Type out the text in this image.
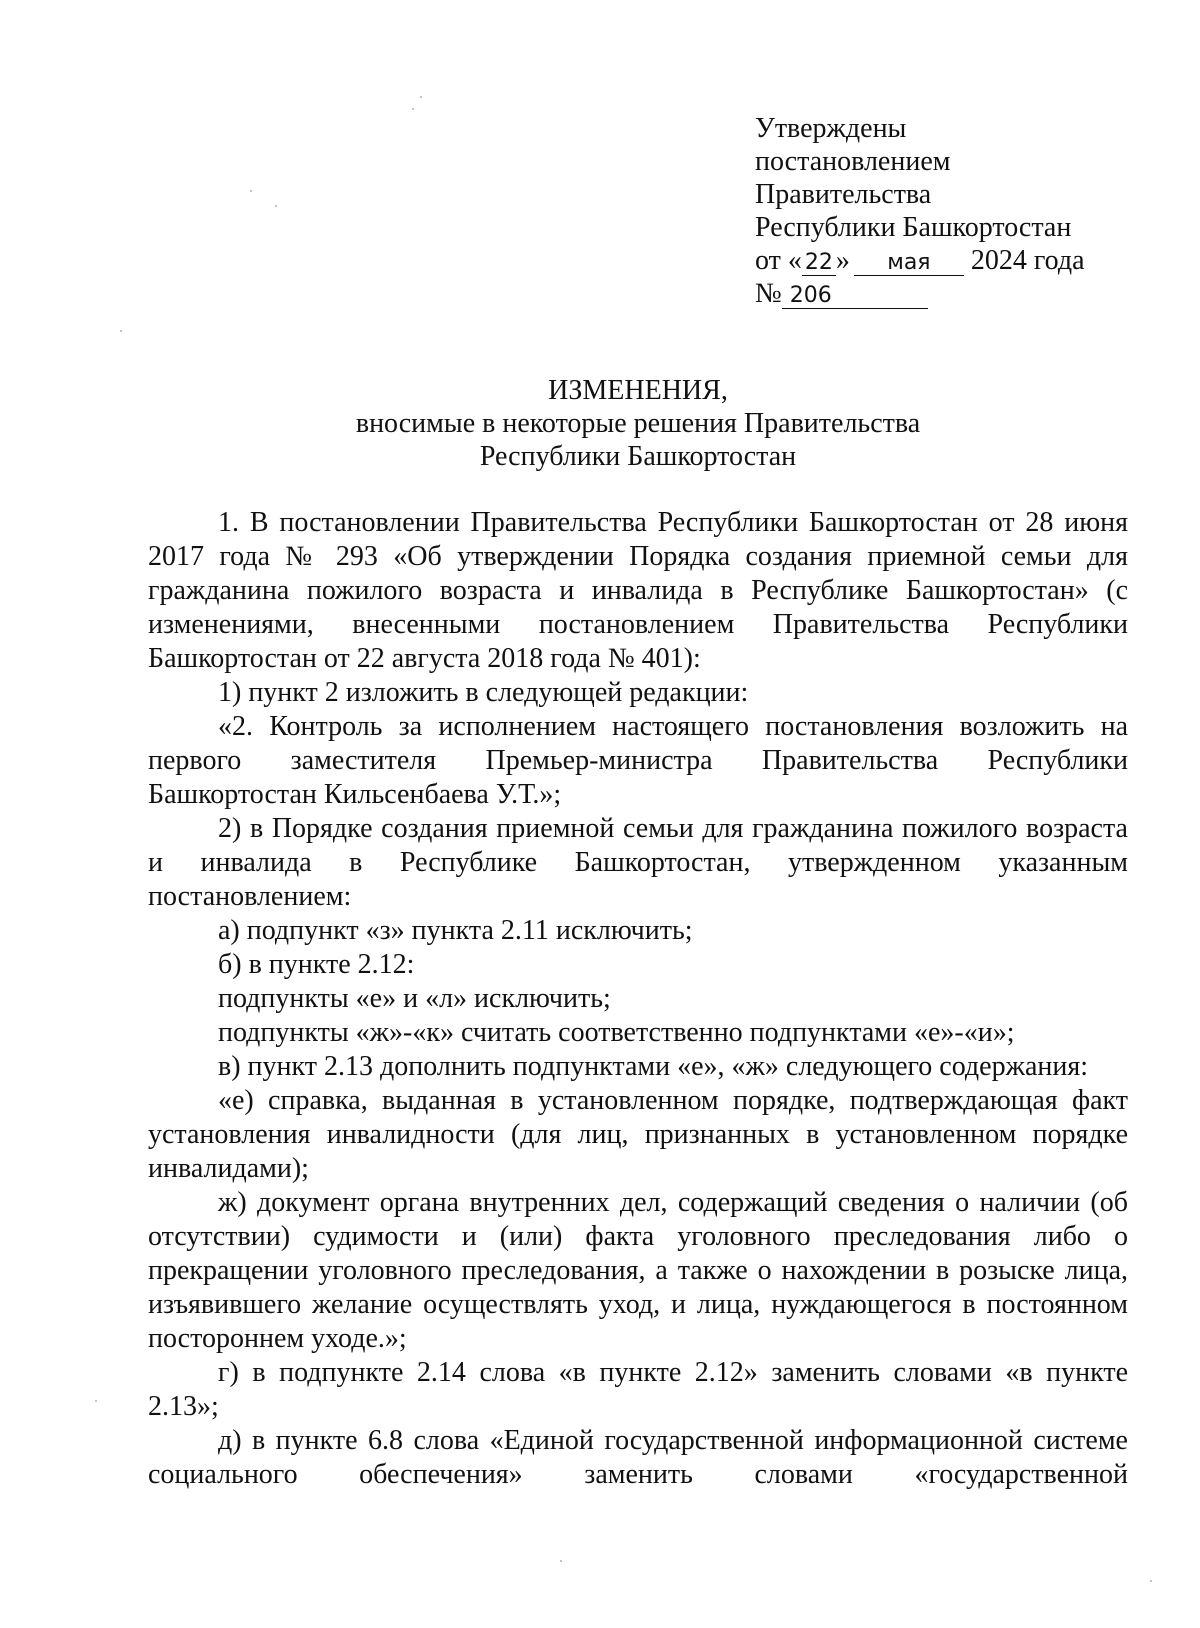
Утверждены
постановлением
Правительства
Республики Башкортостан
от « 22 » мая 2024 года
№ 206
ИЗМЕНЕНИЯ,
вносимые в некоторые решения Правительства
Республики Башкортостан

1. В постановлении Правительства Республики Башкортостан от 28 июня 2017 года № 293 «Об утверждении Порядка создания приемной семьи для гражданина пожилого возраста и инвалида в Республике Башкортостан» (с изменениями, внесенными постановлением Правительства Республики Башкортостан от 22 августа 2018 года № 401):

1) пункт 2 изложить в следующей редакции:

«2. Контроль за исполнением настоящего постановления возложить на первого заместителя Премьер-министра Правительства Республики Башкортостан Кильсенбаева У.Т.»;

2) в Порядке создания приемной семьи для гражданина пожилого возраста и инвалида в Республике Башкортостан, утвержденном указанным постановлением:

а) подпункт «з» пункта 2.11 исключить;

б) в пункте 2.12:

подпункты «е» и «л» исключить;

подпункты «ж»-«к» считать соответственно подпунктами «е»-«и»;

в) пункт 2.13 дополнить подпунктами «е», «ж» следующего содержания:

«е) справка, выданная в установленном порядке, подтверждающая факт установления инвалидности (для лиц, признанных в установленном порядке инвалидами);

ж) документ органа внутренних дел, содержащий сведения о наличии (об отсутствии) судимости и (или) факта уголовного преследования либо о прекращении уголовного преследования, а также о нахождении в розыске лица, изъявившего желание осуществлять уход, и лица, нуждающегося в постоянном постороннем уходе.»;

г) в подпункте 2.14 слова «в пункте 2.12» заменить словами «в пункте 2.13»;

д) в пункте 6.8 слова «Единой государственной информационной системе социального обеспечения» заменить словами «государственной
